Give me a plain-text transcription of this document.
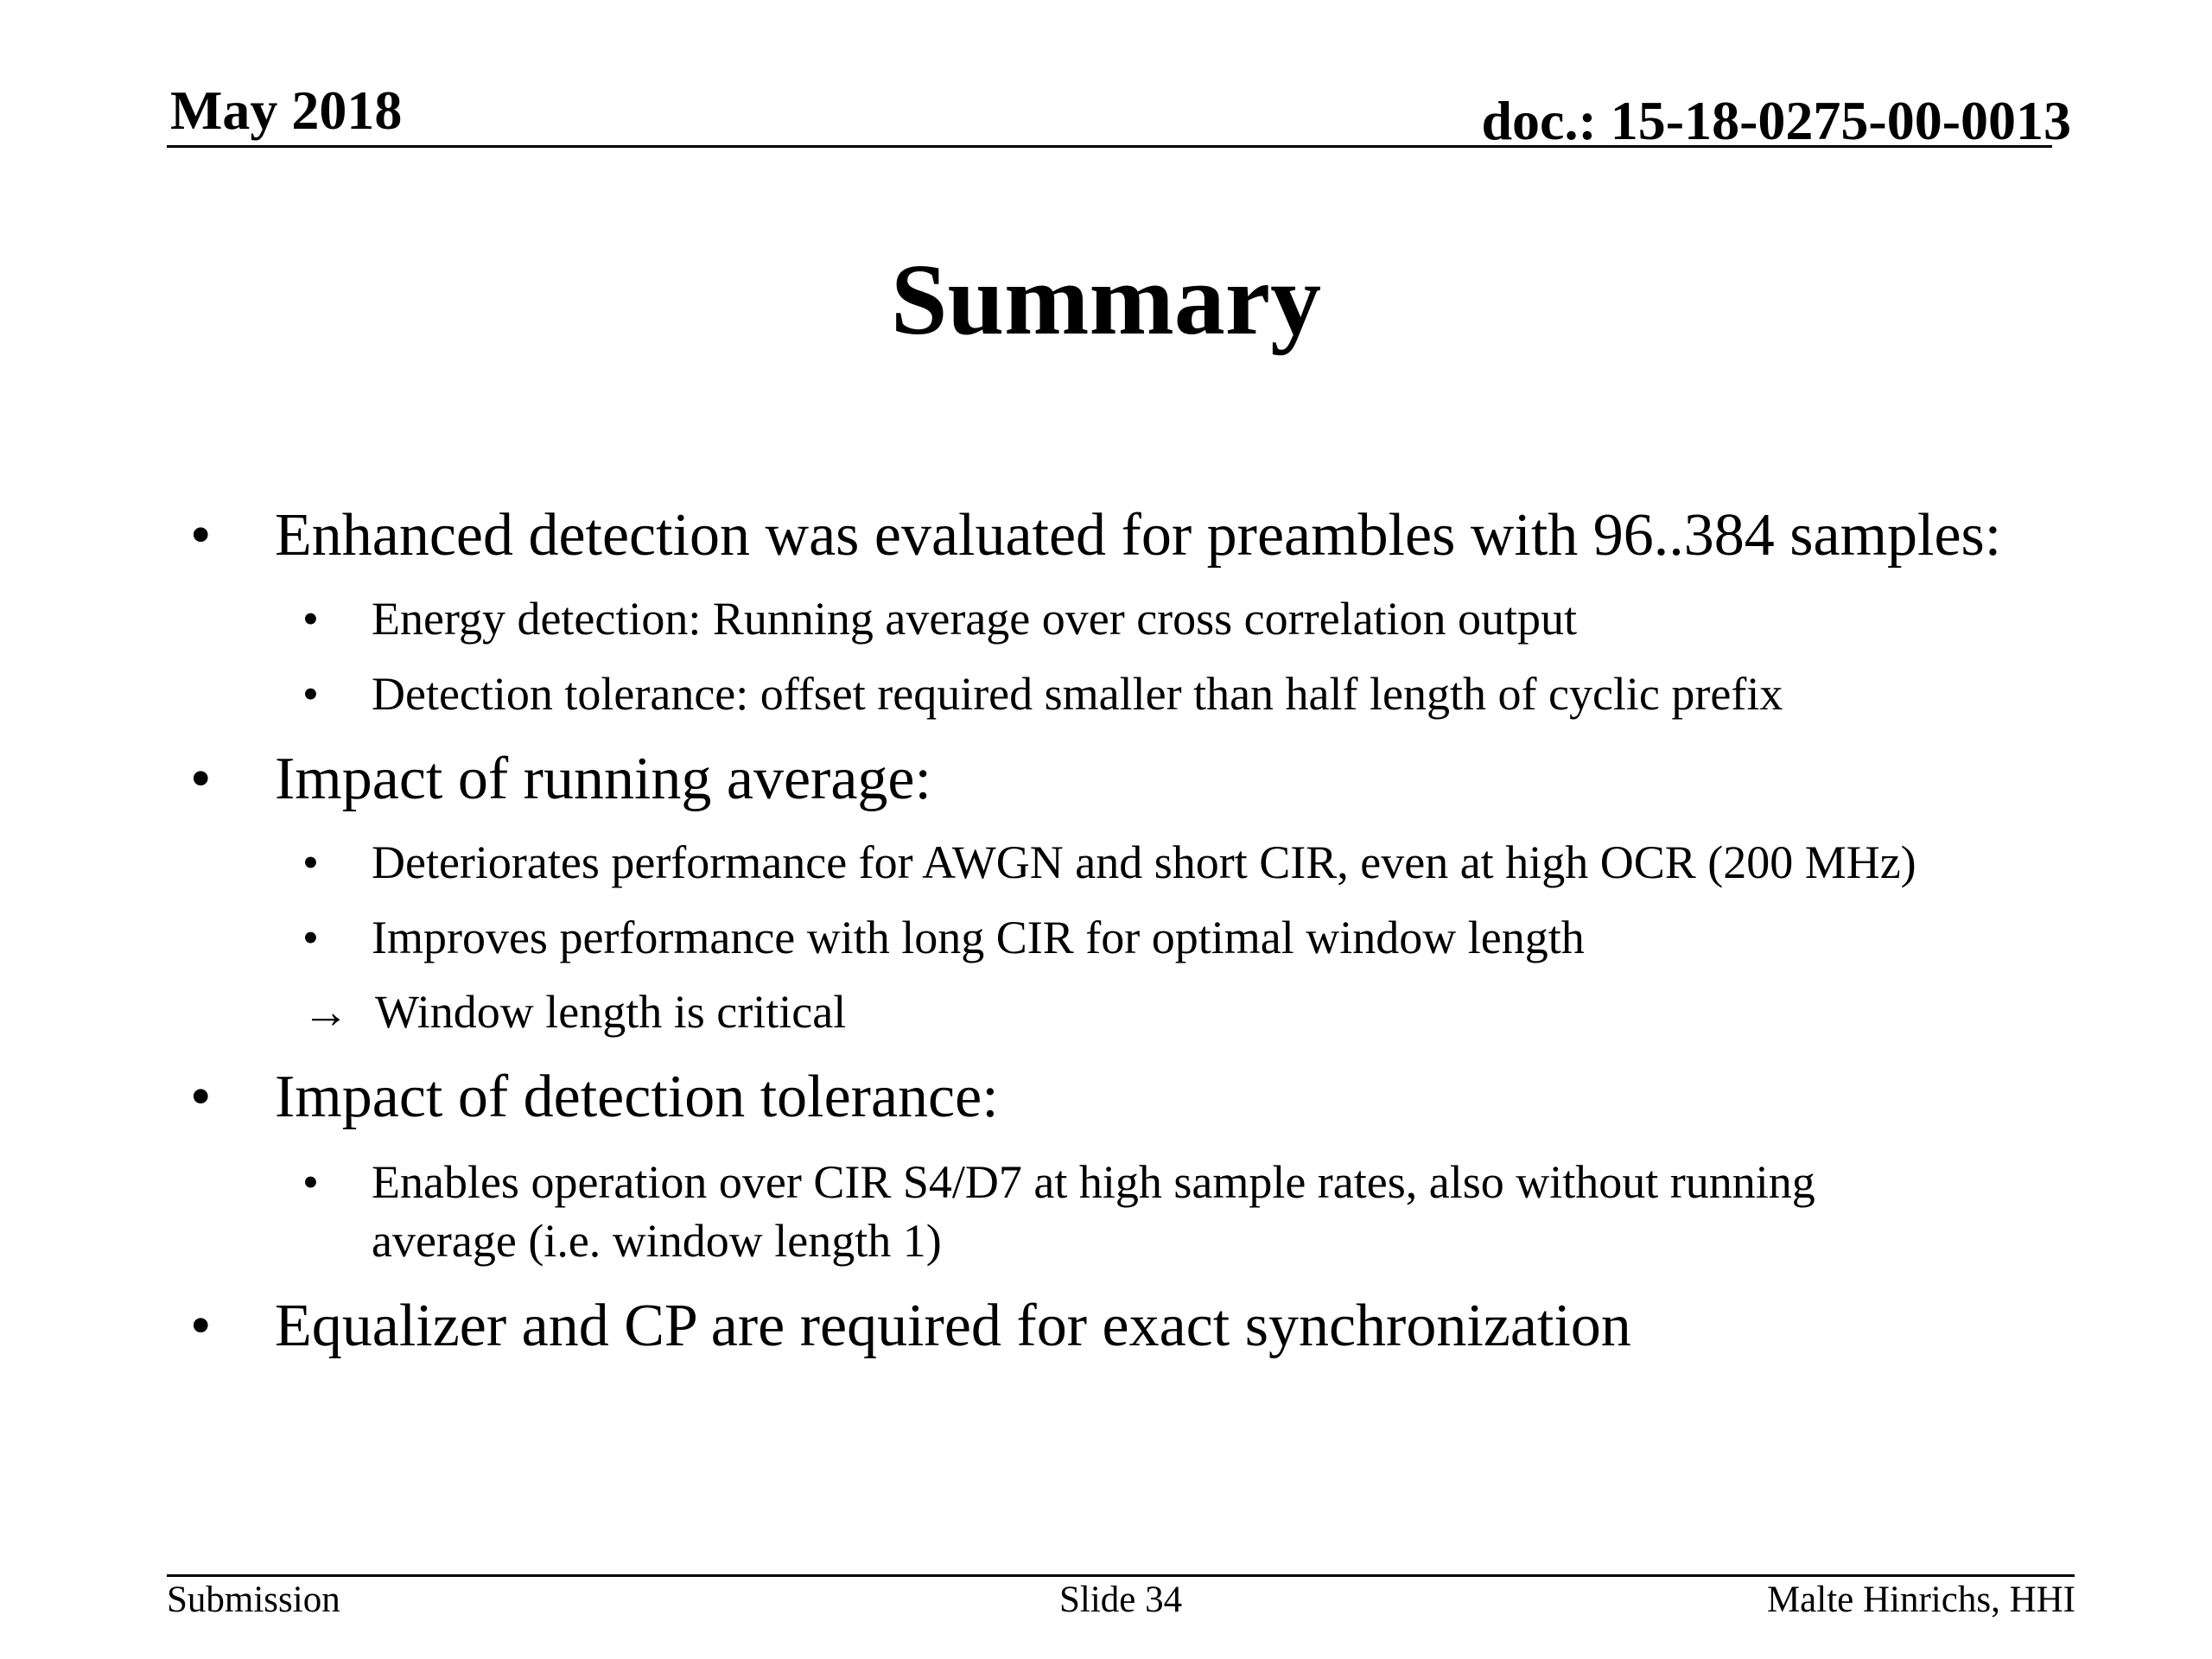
May 2018	doc.: 15-18-0275-00-0013
Summary
• Enhanced detection was evaluated for preambles with 96..384 samples:
• Energy detection: Running average over cross correlation output
• Detection tolerance: offset required smaller than half length of cyclic prefix
• Impact of running average:
• Deteriorates performance for AWGN and short CIR, even at high OCR (200 MHz)
• Improves performance with long CIR for optimal window length
→ Window length is critical
• Impact of detection tolerance:
• Enables operation over CIR S4/D7 at high sample rates, also without running
average (i.e. window length 1)
• Equalizer and CP are required for exact synchronization
Submission	Slide 34	Malte Hinrichs, HHI
